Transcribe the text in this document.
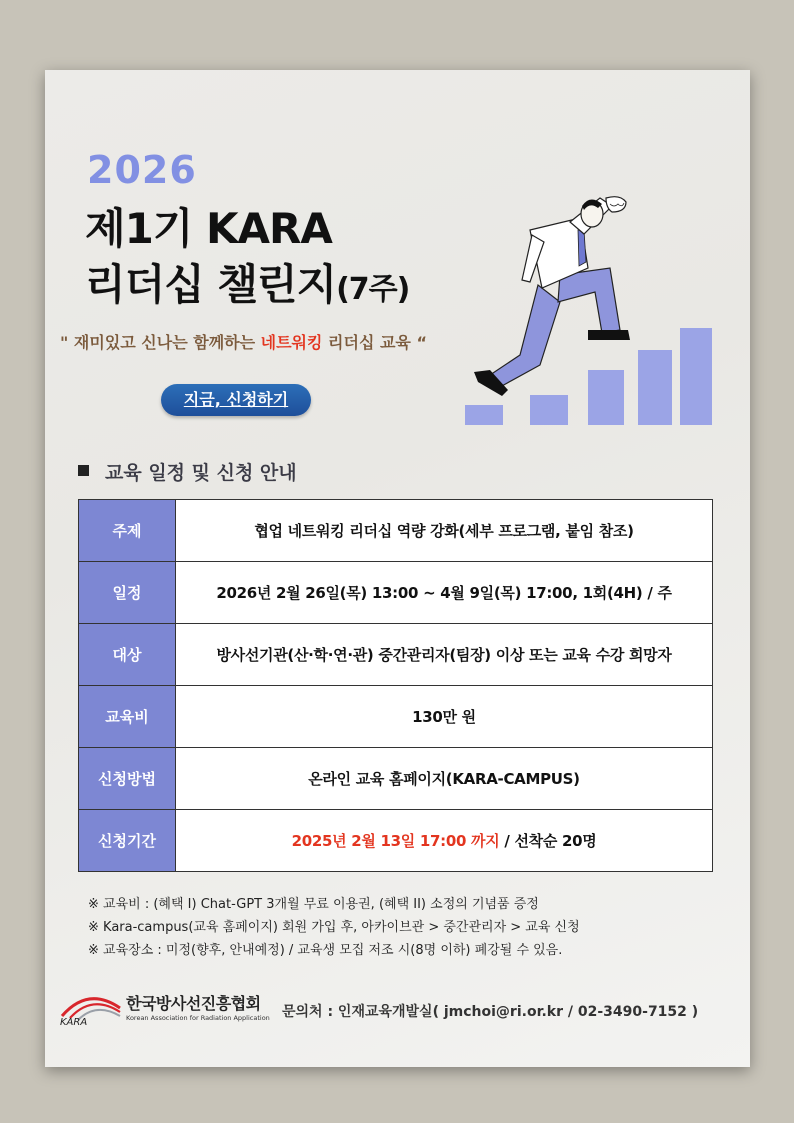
2026
제1기 KARA
리더십 챌린지(7주)
" 재미있고 신나는 함께하는 네트워킹 리더십 교육 “
지금, 신청하기
교육 일정 및 신청 안내
주제	협업 네트워킹 리더십 역량 강화(세부 프로그램, 붙임 참조)
일정	2026년 2월 26일(목) 13:00 ~ 4월 9일(목) 17:00, 1회(4H) / 주
대상	방사선기관(산·학·연·관) 중간관리자(팀장) 이상 또는 교육 수강 희망자
교육비	130만 원
신청방법	온라인 교육 홈페이지(KARA-CAMPUS)
신청기간	2025년 2월 13일 17:00 까지 / 선착순 20명
※ 교육비 : (혜택 I) Chat-GPT 3개월 무료 이용권, (혜택 II) 소정의 기념품 증정
※ Kara-campus(교육 홈페이지) 회원 가입 후, 아카이브관 > 중간관리자 > 교육 신청
※ 교육장소 : 미정(향후, 안내예정) / 교육생 모집 저조 시(8명 이하) 폐강될 수 있음.
KARA
한국방사선진흥협회
Korean Association for Radiation Application 문의처 : 인재교육개발실( jmchoi@ri.or.kr / 02-3490-7152 )
